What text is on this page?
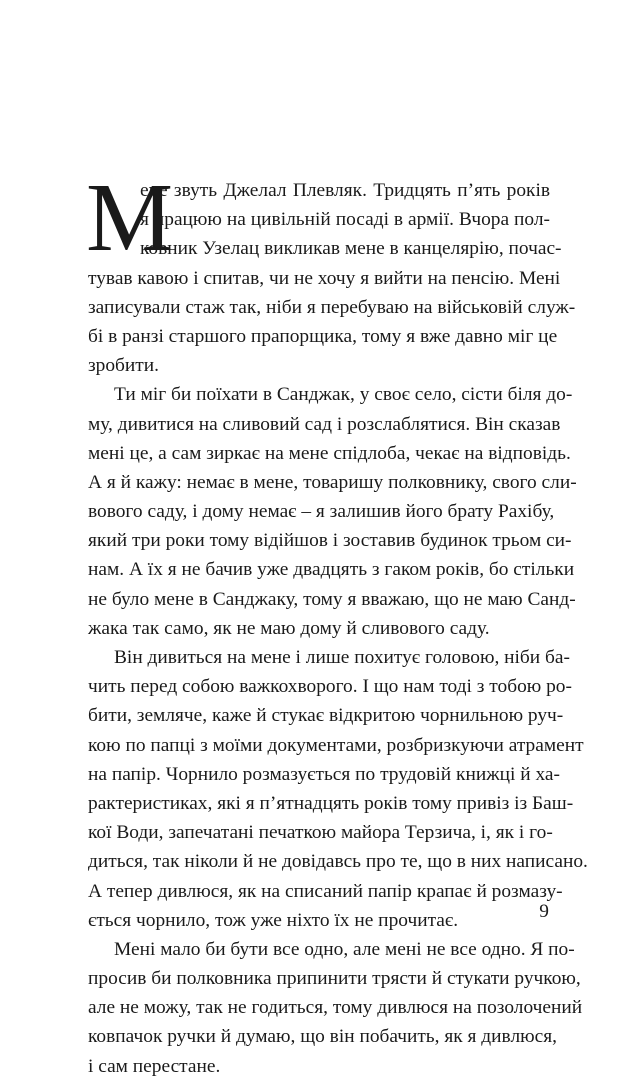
М
ене звуть Джелал Плевляк. Тридцять п’ять років
я працюю на цивільній посаді в армії. Вчора пол-
ковник Узелац викликав мене в канцелярію, почас-
тував кавою і спитав, чи не хочу я вийти на пенсію. Мені
записували стаж так, ніби я перебуваю на військовій служ-
бі в ранзі старшого прапорщика, тому я вже давно міг це
зробити.
Ти міг би поїхати в Санджак, у своє село, сісти біля до-
му, дивитися на сливовий сад і розслаблятися. Він сказав
мені це, а сам зиркає на мене спідлоба, чекає на відповідь.
А я й кажу: немає в мене, товаришу полковнику, свого сли-
вового саду, і дому немає – я залишив його брату Рахібу,
який три роки тому відійшов і зоставив будинок трьом си-
нам. А їх я не бачив уже двадцять з гаком років, бо стільки
не було мене в Санджаку, тому я вважаю, що не маю Санд-
жака так само, як не маю дому й сливового саду.
Він дивиться на мене і лише похитує головою, ніби ба-
чить перед собою важкохворого. І що нам тоді з тобою ро-
бити, земляче, каже й стукає відкритою чорнильною руч-
кою по папці з моїми документами, розбризкуючи атрамент
на папір. Чорнило розмазується по трудовій книжці й ха-
рактеристиках, які я п’ятнадцять років тому привіз із Баш-
кої Води, запечатані печаткою майора Терзича, і, як і го-
диться, так ніколи й не довідавсь про те, що в них написано.
А тепер дивлюся, як на списаний папір крапає й розмазу-
ється чорнило, тож уже ніхто їх не прочитає.
Мені мало би бути все одно, але мені не все одно. Я по-
просив би полковника припинити трясти й стукати ручкою,
але не можу, так не годиться, тому дивлюся на позолочений
ковпачок ручки й думаю, що він побачить, як я дивлюся,
і сам перестане.
9
